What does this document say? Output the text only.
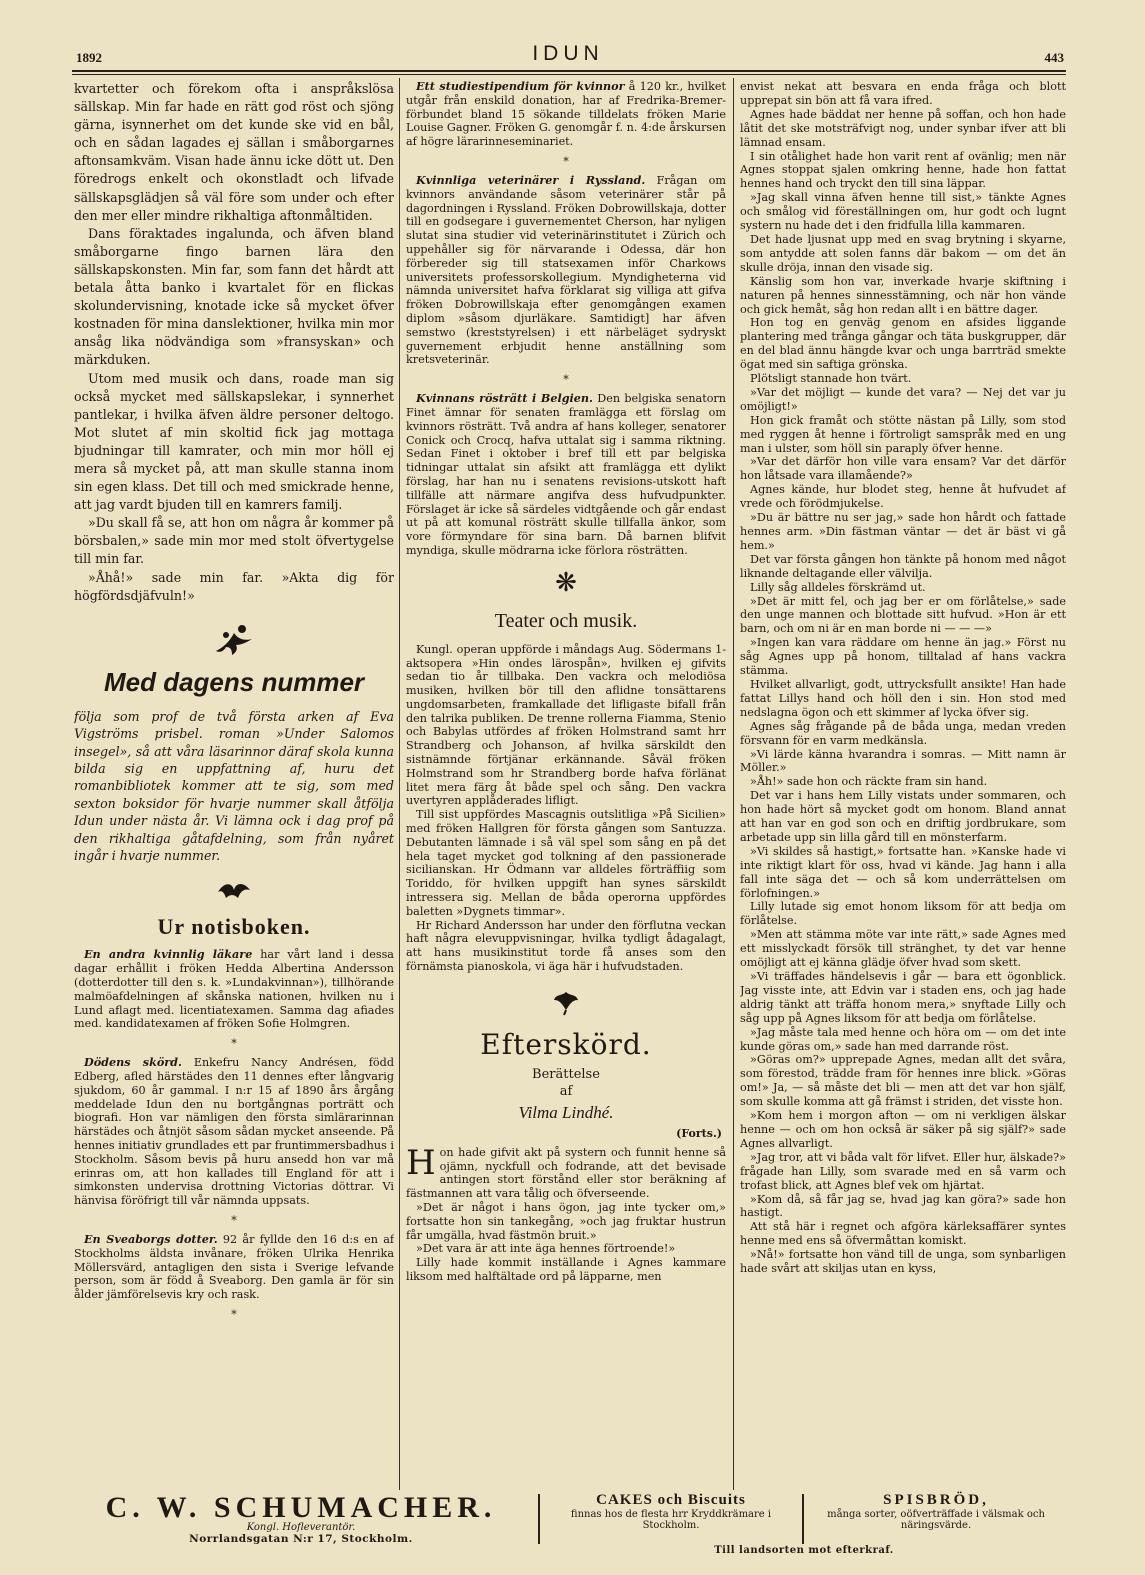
1892	IDUN	443

kvartetter och förekom ofta i anspråkslösa sällskap. Min far hade en rätt god röst och sjöng gärna, isynnerhet om det kunde ske vid en bål, och en sådan lagades ej sällan i småborgarnes aftonsamkväm. Visan hade ännu icke dött ut. Den föredrogs enkelt och okonstladt och lifvade sällskapsglädjen så väl före som under och efter den mer eller mindre rikhaltiga aftonmåltiden.

Dans föraktades ingalunda, och äfven bland småborgarne fingo barnen lära den sällskapskonsten. Min far, som fann det hårdt att betala åtta banko i kvartalet för en flickas skolundervisning, knotade icke så mycket öfver kostnaden för mina danslektioner, hvilka min mor ansåg lika nödvändiga som »fransyskan» och märkduken.

Utom med musik och dans, roade man sig också mycket med sällskapslekar, i synnerhet pantlekar, i hvilka äfven äldre personer deltogo. Mot slutet af min skoltid fick jag mottaga bjudningar till kamrater, och min mor höll ej mera så mycket på, att man skulle stanna inom sin egen klass. Det till och med smickrade henne, att jag vardt bjuden till en kamrers familj.

»Du skall få se, att hon om några år kommer på börsbalen,» sade min mor med stolt öfvertygelse till min far.

»Åhå!» sade min far. »Akta dig för högfördsdjäfvuln!»

Med dagens nummer
följa som prof de två första arken af Eva Vigströms prisbel. roman »Under Salomos insegel», så att våra läsarinnor däraf skola kunna bilda sig en uppfattning af, huru det romanbibliotek kommer att te sig, som med sexton boksidor för hvarje nummer skall åtfölja Idun under nästa år. Vi lämna ock i dag prof på den rikhaltiga gåtafdelning, som från nyåret ingår i hvarje nummer.
Ur notisboken.

En andra kvinnlig läkare har vårt land i dessa dagar erhållit i fröken Hedda Albertina Andersson (dotterdotter till den s. k. »Lundakvinnan»), tillhörande malmöafdelningen af skånska nationen, hvilken nu i Lund aflagt med. licentiatexamen. Samma dag afiades med. kandidatexamen af fröken Sofie Holmgren.

*

Dödens skörd. Enkefru Nancy Andrésen, född Edberg, afled härstädes den 11 dennes efter långvarig sjukdom, 60 år gammal. I n:r 15 af 1890 års årgång meddelade Idun den nu bortgångnas porträtt och biografi. Hon var nämligen den första simlärarinnan härstädes och åtnjöt såsom sådan mycket anseende. På hennes initiativ grundlades ett par fruntimmersbadhus i Stockholm. Såsom bevis på huru ansedd hon var må erinras om, att hon kallades till England för att i simkonsten undervisa drottning Victorias döttrar. Vi hänvisa föröfrigt till vår nämnda uppsats.

*

En Sveaborgs dotter. 92 år fyllde den 16 d:s en af Stockholms äldsta invånare, fröken Ulrika Henrika Möllersvärd, antagligen den sista i Sverige lefvande person, som är född å Sveaborg. Den gamla är för sin ålder jämförelsevis kry och rask.

*

Ett studiestipendium för kvinnor å 120 kr., hvilket utgår från enskild donation, har af Fredrika-Bremer-förbundet bland 15 sökande tilldelats fröken Marie Louise Gagner. Fröken G. genomgår f. n. 4:de årskursen af högre lärarinneseminariet.

*

Kvinnliga veterinärer i Ryssland. Frågan om kvinnors användande såsom veterinärer står på dagordningen i Ryssland. Fröken Dobrowillskaja, dotter till en godsegare i guvernementet Cherson, har nyligen slutat sina studier vid veterinärinstitutet i Zürich och uppehåller sig för närvarande i Odessa, där hon förbereder sig till statsexamen inför Charkows universitets professorskollegium. Myndigheterna vid nämnda universitet hafva förklarat sig villiga att gifva fröken Dobrowillskaja efter genomgången examen diplom »såsom djurläkare. Samtidigt] har äfven semstwo (kreststyrelsen) i ett närbeläget sydryskt guvernement erbjudit henne anställning som kretsveterinär.

*

Kvinnans rösträtt i Belgien. Den belgiska senatorn Finet ämnar för senaten framlägga ett förslag om kvinnors rösträtt. Två andra af hans kolleger, senatorer Conick och Crocq, hafva uttalat sig i samma riktning. Sedan Finet i oktober i bref till ett par belgiska tidningar uttalat sin afsikt att framlägga ett dylikt förslag, har han nu i senatens revisions-utskott haft tillfälle att närmare angifva dess hufvudpunkter. Förslaget är icke så särdeles vidtgående och går endast ut på att komunal rösträtt skulle tillfalla änkor, som vore förmyndare för sina barn. Då barnen blifvit myndiga, skulle mödrarna icke förlora rösträtten.

❋
Teater och musik.

Kungl. operan uppförde i måndags Aug. Södermans 1-aktsopera »Hin ondes lärospån», hvilken ej gifvits sedan tio år tillbaka. Den vackra och melodiösa musiken, hvilken bör till den aflidne tonsättarens ungdomsarbeten, framkallade det lifligaste bifall från den talrika publiken. De trenne rollerna Fiamma, Stenio och Babylas utfördes af fröken Holmstrand samt hrr Strandberg och Johanson, af hvilka särskildt den sistnämnde förtjänar erkännande. Såväl fröken Holmstrand som hr Strandberg borde hafva förlänat litet mera färg åt både spel och sång. Den vackra uvertyren applåderades lifligt.

Till sist uppfördes Mascagnis outslitliga »På Sicilien» med fröken Hallgren för första gången som Santuzza. Debutanten lämnade i så väl spel som sång en på det hela taget mycket god tolkning af den passionerade sicilianskan. Hr Ödmann var alldeles förträffiig som Toriddo, för hvilken uppgift han synes särskildt intressera sig. Mellan de båda operorna uppfördes baletten »Dygnets timmar».

Hr Richard Andersson har under den förflutna veckan haft några elevuppvisningar, hvilka tydligt ådagalagt, att hans musikinstitut torde få anses som den förnämsta pianoskola, vi äga här i hufvudstaden.

Efterskörd.
Berättelse
af
Vilma Lindhé.
(Forts.)

Hon hade gifvit akt på systern och funnit henne så ojämn, nyckfull och fodrande, att det bevisade antingen stort förstånd eller stor beräkning af fästmannen att vara tålig och öfverseende.

»Det är något i hans ögon, jag inte tycker om,» fortsatte hon sin tankegång, »och jag fruktar hustrun får umgälla, hvad fästmön bruit.»

»Det vara är att inte äga hennes förtroende!»

Lilly hade kommit inställande i Agnes kammare liksom med halftältade ord på läpparne, men

envist nekat att besvara en enda fråga och blott upprepat sin bön att få vara ifred.

Agnes hade bäddat ner henne på soffan, och hon hade låtit det ske motsträfvigt nog, under synbar ifver att bli lämnad ensam.

I sin otålighet hade hon varit rent af ovänlig; men när Agnes stoppat sjalen omkring henne, hade hon fattat hennes hand och tryckt den till sina läppar.

»Jag skall vinna äfven henne till sist,» tänkte Agnes och smålog vid föreställningen om, hur godt och lugnt systern nu hade det i den fridfulla lilla kammaren.

Det hade ljusnat upp med en svag brytning i skyarne, som antydde att solen fanns där bakom — om det än skulle dröja, innan den visade sig.

Känslig som hon var, inverkade hvarje skiftning i naturen på hennes sinnesstämning, och när hon vände och gick hemåt, såg hon redan allt i en bättre dager.

Hon tog en genväg genom en afsides liggande plantering med trånga gångar och täta buskgrupper, där en del blad ännu hängde kvar och unga barrträd smekte ögat med sin saftiga grönska.

Plötsligt stannade hon tvärt.

»Var det möjligt — kunde det vara? — Nej det var ju omöjligt!»

Hon gick framåt och stötte nästan på Lilly, som stod med ryggen åt henne i förtroligt samspråk med en ung man i ulster, som höll sin paraply öfver henne.

»Var det därför hon ville vara ensam? Var det därför hon låtsade vara illamående?»

Agnes kände, hur blodet steg, henne åt hufvudet af vrede och förödmjukelse.

»Du är bättre nu ser jag,» sade hon hårdt och fattade hennes arm. »Din fästman väntar — det är bäst vi gå hem.»

Det var första gången hon tänkte på honom med något liknande deltagande eller välvilja.

Lilly såg alldeles förskrämd ut.

»Det är mitt fel, och jag ber er om förlåtelse,» sade den unge mannen och blottade sitt hufvud. »Hon är ett barn, och om ni är en man borde ni — — —»

»Ingen kan vara räddare om henne än jag.» Först nu såg Agnes upp på honom, tilltalad af hans vackra stämma.

Hvilket allvarligt, godt, uttrycksfullt ansikte! Han hade fattat Lillys hand och höll den i sin. Hon stod med nedslagna ögon och ett skimmer af lycka öfver sig.

Agnes såg frågande på de båda unga, medan vreden försvann för en varm medkänsla.

»Vi lärde känna hvarandra i somras. — Mitt namn är Möller.»

»Åh!» sade hon och räckte fram sin hand.

Det var i hans hem Lilly vistats under sommaren, och hon hade hört så mycket godt om honom. Bland annat att han var en god son och en driftig jordbrukare, som arbetade upp sin lilla gård till en mönsterfarm.

»Vi skildes så hastigt,» fortsatte han. »Kanske hade vi inte riktigt klart för oss, hvad vi kände. Jag hann i alla fall inte säga det — och så kom underrättelsen om förlofningen.»

Lilly lutade sig emot honom liksom för att bedja om förlåtelse.

»Men att stämma möte var inte rätt,» sade Agnes med ett misslyckadt försök till stränghet, ty det var henne omöjligt att ej känna glädje öfver hvad som skett.

»Vi träffades händelsevis i går — bara ett ögonblick. Jag visste inte, att Edvin var i staden ens, och jag hade aldrig tänkt att träffa honom mera,» snyftade Lilly och såg upp på Agnes liksom för att bedja om förlåtelse.

»Jag måste tala med henne och höra om — om det inte kunde göras om,» sade han med darrande röst.

»Göras om?» upprepade Agnes, medan allt det svåra, som förestod, trädde fram för hennes inre blick. »Göras om!» Ja, — så måste det bli — men att det var hon själf, som skulle komma att gå främst i striden, det visste hon.

»Kom hem i morgon afton — om ni verkligen älskar henne — och om hon också är säker på sig själf?» sade Agnes allvarligt.

»Jag tror, att vi båda valt för lifvet. Eller hur, älskade?» frågade han Lilly, som svarade med en så varm och trofast blick, att Agnes blef vek om hjärtat.

»Kom då, så får jag se, hvad jag kan göra?» sade hon hastigt.

Att stå här i regnet och afgöra kärleksaffärer syntes henne med ens så öfvermåttan komiskt.

»Nå!» fortsatte hon vänd till de unga, som synbarligen hade svårt att skiljas utan en kyss,

C. W. SCHUMACHER.
Kongl. Hofleverantör.
Norrlandsgatan N:r 17, Stockholm.
CAKES och Biscuits
finnas hos de flesta hrr Kryddkrämare i Stockholm.
SPISBRÖD,
många sorter, oöfverträffade i välsmak och näringsvärde.
Till landsorten mot efterkraf.
